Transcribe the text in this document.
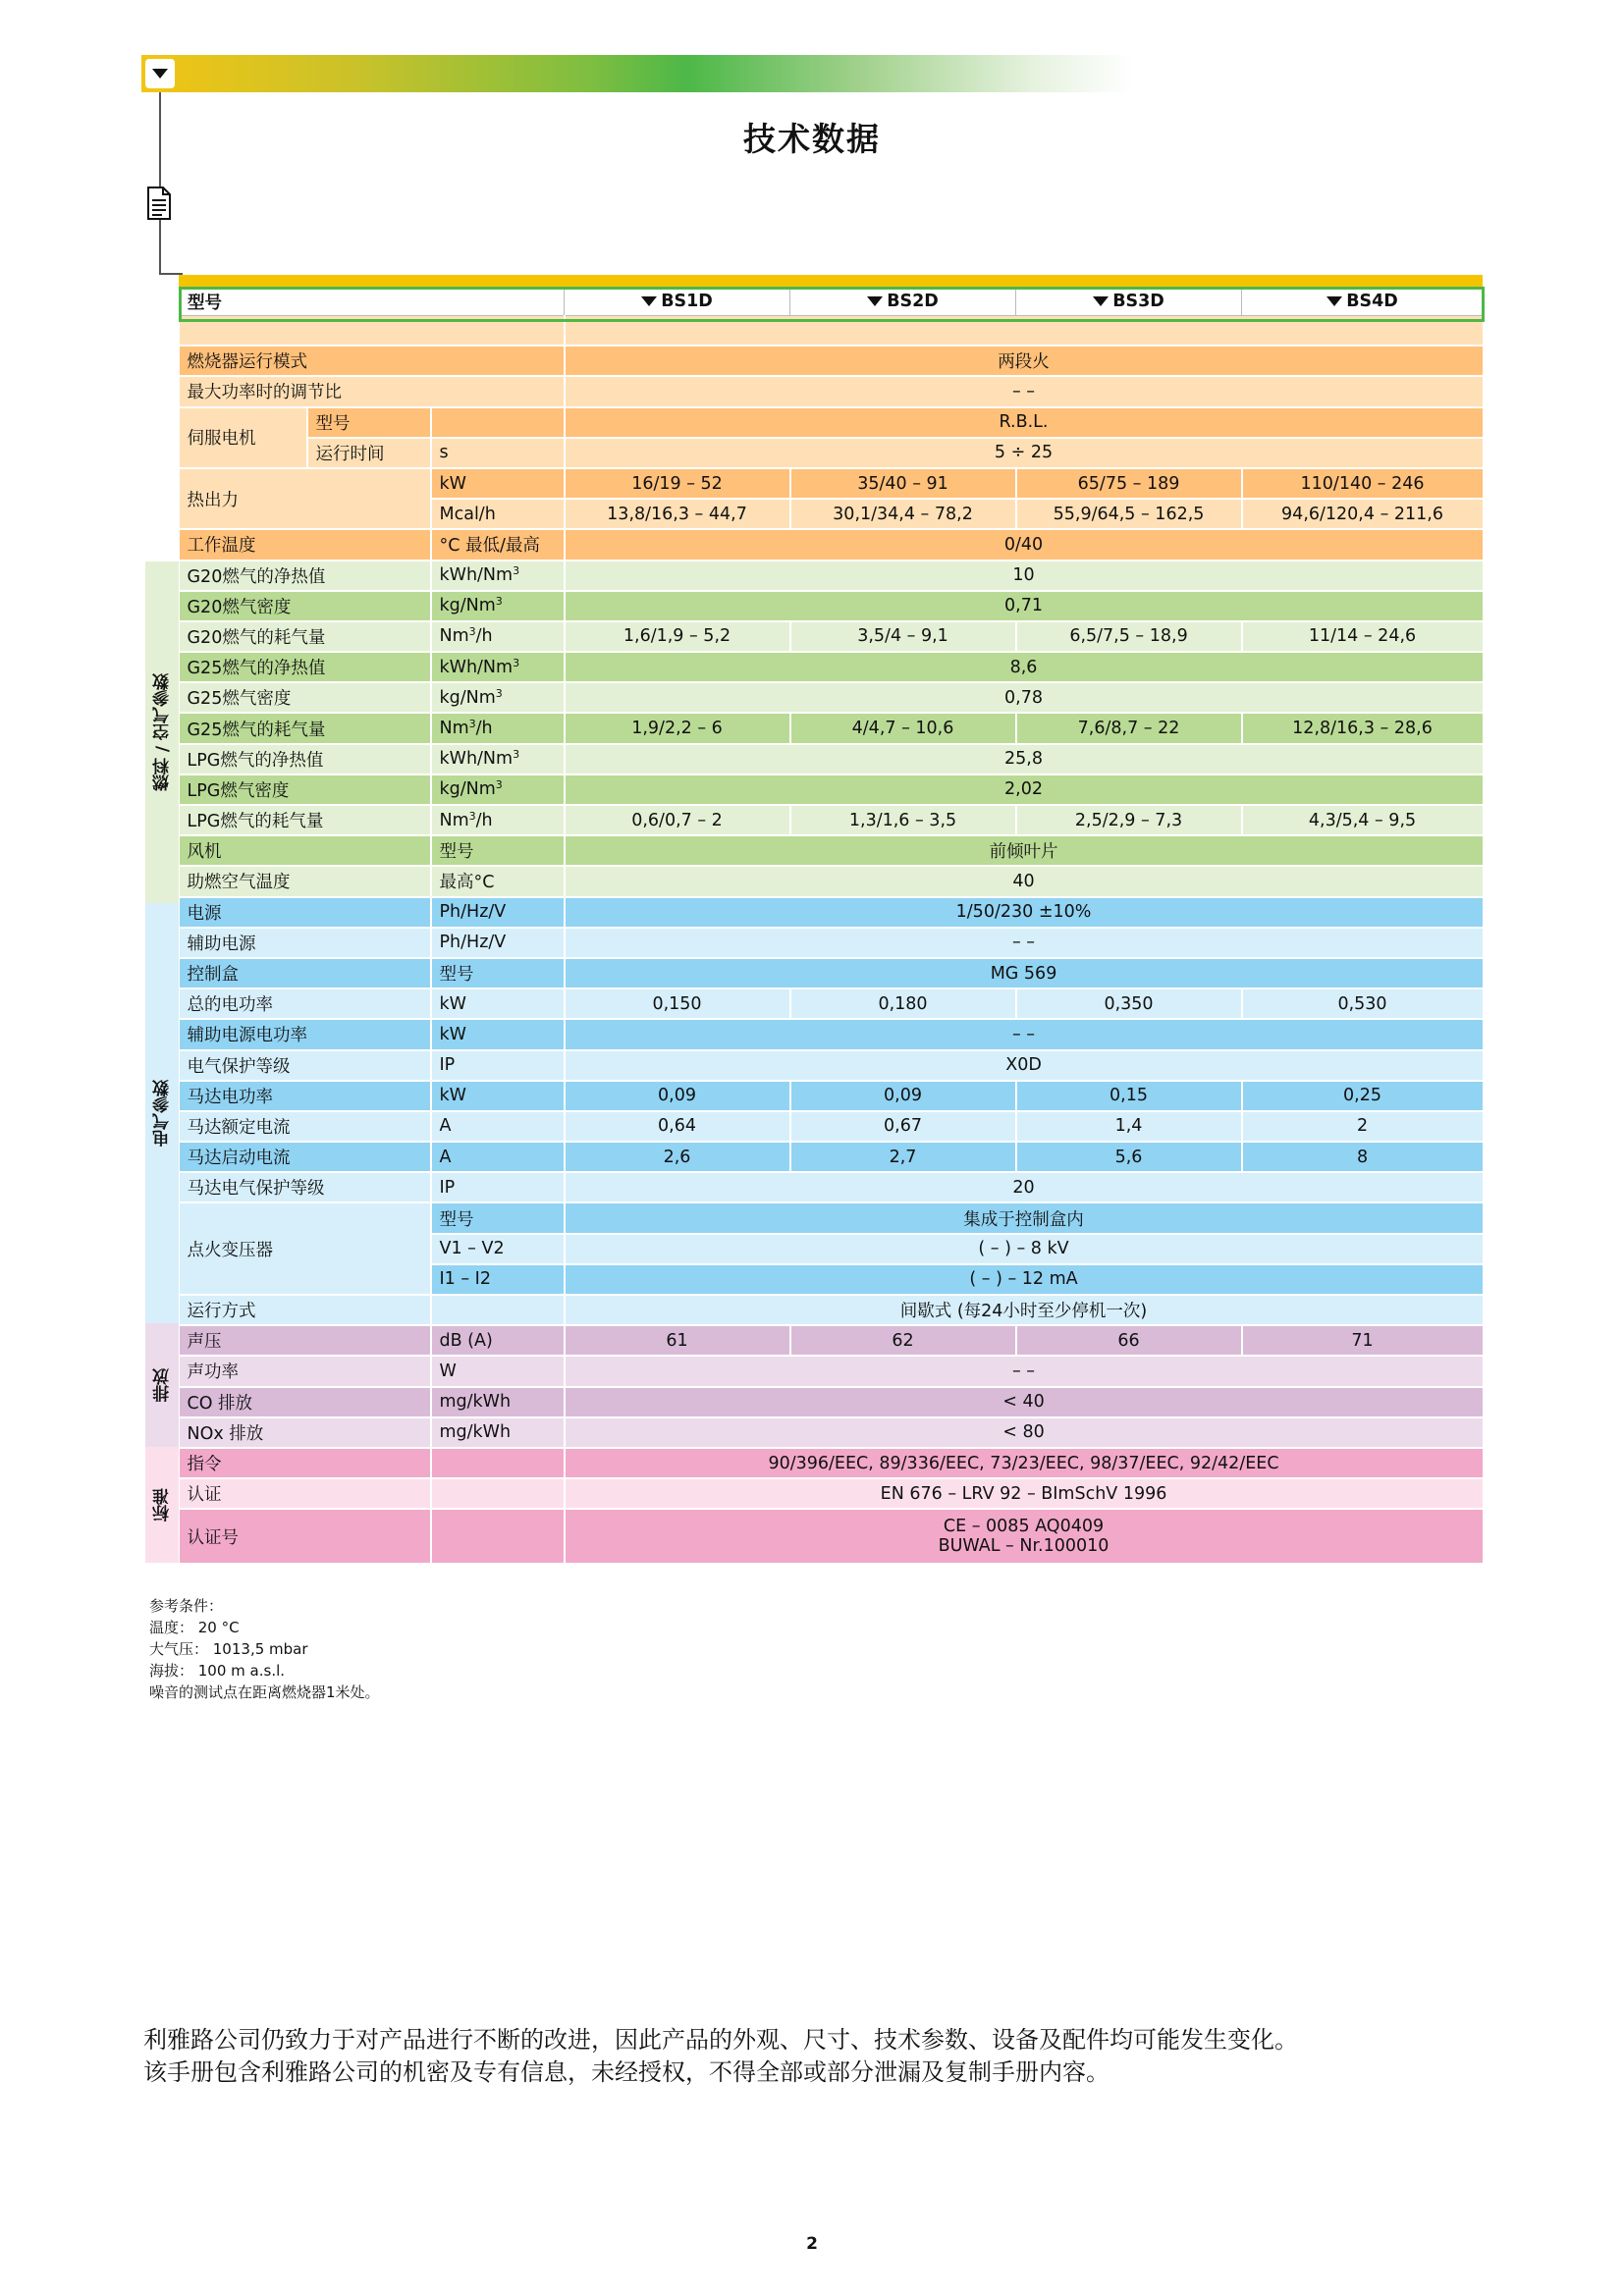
技术数据
燃料 / 空气参数
电气参数
排放
标准
型号			BS1D	BS2D	BS3D	BS4D

燃烧器运行模式			两段火			
最大功率时的调节比			– –			
伺服电机	型号		R.B.L.			
	运行时间	s	5 ÷ 25			
热出力		kW	16/19 – 52	35/40 – 91	65/75 – 189	110/140 – 246
		Mcal/h	13,8/16,3 – 44,7	30,1/34,4 – 78,2	55,9/64,5 – 162,5	94,6/120,4 – 211,6
工作温度		°C 最低/最高	0/40			
G20燃气的净热值		kWh/Nm$^3$	10			
G20燃气密度		kg/Nm$^3$	0,71			
G20燃气的耗气量		Nm$^3$/h	1,6/1,9 – 5,2	3,5/4 – 9,1	6,5/7,5 – 18,9	11/14 – 24,6
G25燃气的净热值		kWh/Nm$^3$	8,6			
G25燃气密度		kg/Nm$^3$	0,78			
G25燃气的耗气量		Nm$^3$/h	1,9/2,2 – 6	4/4,7 – 10,6	7,6/8,7 – 22	12,8/16,3 – 28,6
LPG燃气的净热值		kWh/Nm$^3$	25,8			
LPG燃气密度		kg/Nm$^3$	2,02			
LPG燃气的耗气量		Nm$^3$/h	0,6/0,7 – 2	1,3/1,6 – 3,5	2,5/2,9 – 7,3	4,3/5,4 – 9,5
风机		型号	前倾叶片			
助燃空气温度		最高°C	40			
电源		Ph/Hz/V	1/50/230 ±10%			
辅助电源		Ph/Hz/V	– –			
控制盒		型号	MG 569			
总的电功率		kW	0,150	0,180	0,350	0,530
辅助电源电功率		kW	– –			
电气保护等级		IP	X0D			
马达电功率		kW	0,09	0,09	0,15	0,25
马达额定电流		A	0,64	0,67	1,4	2
马达启动电流		A	2,6	2,7	5,6	8
马达电气保护等级		IP	20			
点火变压器		型号	集成于控制盒内			
		V1 – V2	( – ) – 8 kV			
		I1 – I2	( – ) – 12 mA			
运行方式			间歇式 (每24小时至少停机一次)			
声压		dB (A)	61	62	66	71
声功率		W	– –			
CO 排放		mg/kWh	< 40			
NOx 排放		mg/kWh	< 80			
指令			90/396/EEC, 89/336/EEC, 73/23/EEC, 98/37/EEC, 92/42/EEC			
认证			EN 676 – LRV 92 – BImSchV 1996			
认证号			CE – 0085 AQ0409
BUWAL – Nr.100010			
参考条件：
温度： 20 °C
大气压： 1013,5 mbar
海拔： 100 m a.s.l.
噪音的测试点在距离燃烧器1米处。
利雅路公司仍致力于对产品进行不断的改进，因此产品的外观、尺寸、技术参数、设备及配件均可能发生变化。
该手册包含利雅路公司的机密及专有信息，未经授权，不得全部或部分泄漏及复制手册内容。
2
